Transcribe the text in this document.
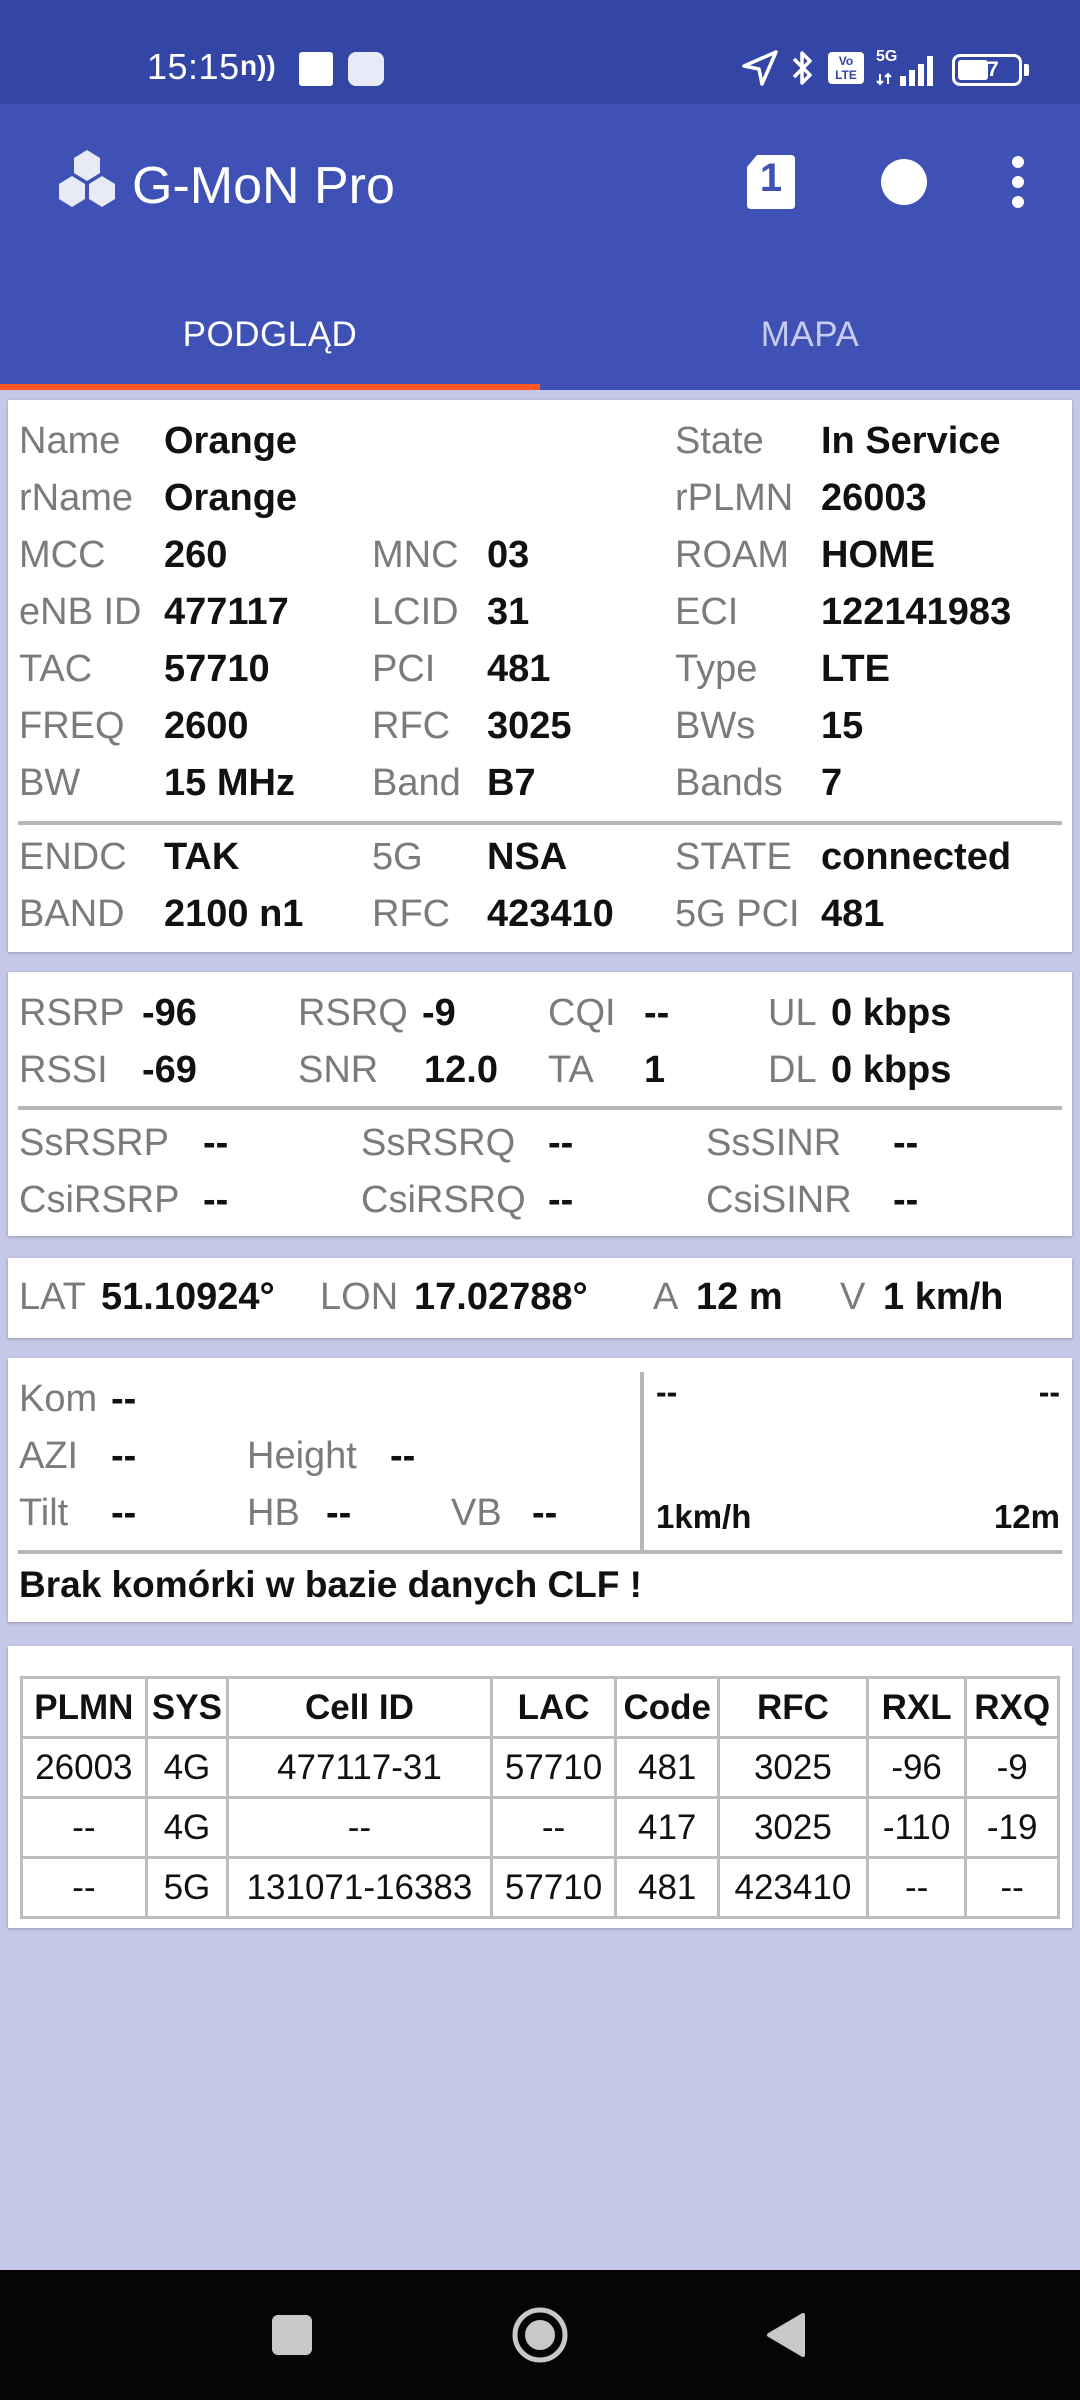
15:15 n))	Vo LTE
5G
47
G-MoN Pro	1
PODGLĄD	MAPA
Name Orange	State In Service
rName Orange	rPLMN 26003
MCC 260	MNC 03	ROAM HOME
eNB ID 477117 LCID 31	ECI 122141983
TAC 57710	PCI 481	Type LTE
FREQ 2600	RFC 3025	BWs 15
BW 15 MHz Band B7	Bands 7
ENDC TAK	5G NSA	STATE connected
BAND 2100 n1 RFC 423410 5G PCI 481
RSRP -96	RSRQ -9 CQI --	UL 0 kbps
RSSI -69	SNR 12.0 TA 1	DL 0 kbps
SsRSRP --	SsRSRQ --	SsSINR --
CsiRSRP --	CsiRSRQ --	CsiSINR --
LAT 51.10924° LON 17.02788° A 12 m V 1 km/h
Kom --
AZI --	Height --
Tilt --	HB --	VB --
--	--
1km/h	12m
Brak komórki w bazie danych CLF !
PLMN	SYS	Cell ID	LAC	Code	RFC	RXL	RXQ
26003	4G	477117-31	57710	481	3025	-96	-9
--	4G	--	--	417	3025	-110	-19
--	5G	131071-16383	57710	481	423410	--	--
